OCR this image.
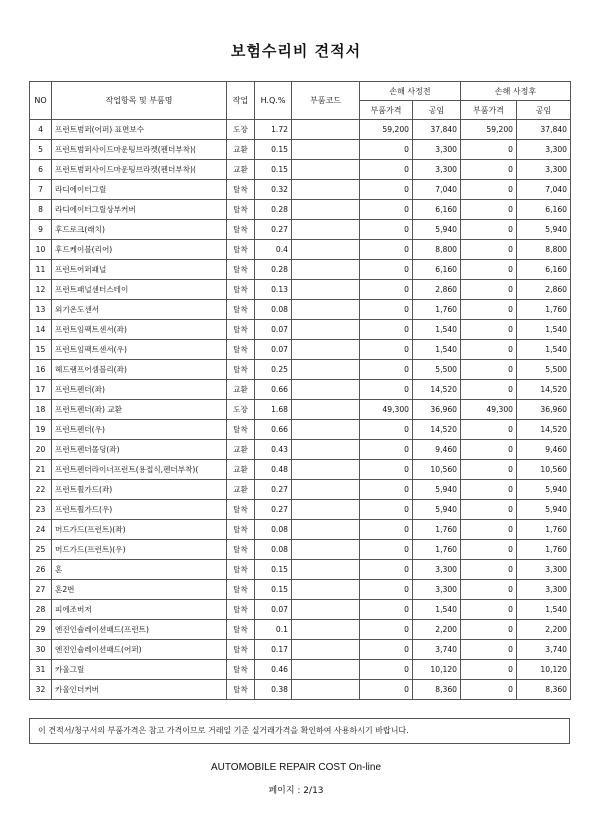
보험수리비 견적서
NO	작업항목 및 부품명	작업	H.Q.%	부품코드	손해 사정전		손해 사정후	
					부품가격	공임	부품가격	공임
4	프런트범퍼(어퍼) 표면보수	도장	1.72		59,200	37,840	59,200	37,840
5	프런트범퍼사이드마운팅브라켓(펜더부착)(	교환	0.15		0	3,300	0	3,300
6	프런트범퍼사이드마운팅브라켓(펜더부착)(	교환	0.15		0	3,300	0	3,300
7	라디에이터그릴	탈착	0.32		0	7,040	0	7,040
8	라디에이터그릴상부커버	탈착	0.28		0	6,160	0	6,160
9	후드로크(래치)	탈착	0.27		0	5,940	0	5,940
10	후드케이블(리어)	탈착	0.4		0	8,800	0	8,800
11	프런트어퍼패널	탈착	0.28		0	6,160	0	6,160
12	프런트패널센터스테이	탈착	0.13		0	2,860	0	2,860
13	외기온도센서	탈착	0.08		0	1,760	0	1,760
14	프런트임팩트센서(좌)	탈착	0.07		0	1,540	0	1,540
15	프런트임팩트센서(우)	탈착	0.07		0	1,540	0	1,540
16	헤드램프어셈블리(좌)	탈착	0.25		0	5,500	0	5,500
17	프런트펜더(좌)	교환	0.66		0	14,520	0	14,520
18	프런트펜더(좌) 교환	도장	1.68		49,300	36,960	49,300	36,960
19	프런트펜더(우)	탈착	0.66		0	14,520	0	14,520
20	프런트펜더몰딩(좌)	교환	0.43		0	9,460	0	9,460
21	프런트펜더라이너프런트(용접식,펜더부착)(	교환	0.48		0	10,560	0	10,560
22	프런트휠가드(좌)	교환	0.27		0	5,940	0	5,940
23	프런트휠가드(우)	탈착	0.27		0	5,940	0	5,940
24	머드가드(프런트)(좌)	탈착	0.08		0	1,760	0	1,760
25	머드가드(프런트)(우)	탈착	0.08		0	1,760	0	1,760
26	혼	탈착	0.15		0	3,300	0	3,300
27	혼2번	탈착	0.15		0	3,300	0	3,300
28	피에조버저	탈착	0.07		0	1,540	0	1,540
29	엔진인슐레이션패드(프런트)	탈착	0.1		0	2,200	0	2,200
30	엔진인슐레이션패드(어퍼)	탈착	0.17		0	3,740	0	3,740
31	카울그릴	탈착	0.46		0	10,120	0	10,120
32	카울인더커버	탈착	0.38		0	8,360	0	8,360
이 견적서/청구서의 부품가격은 참고 가격이므로 거래일 기준 실거래가격을 확인하여 사용하시기 바랍니다.
AUTOMOBILE REPAIR COST On-line
페이지 : 2/13
